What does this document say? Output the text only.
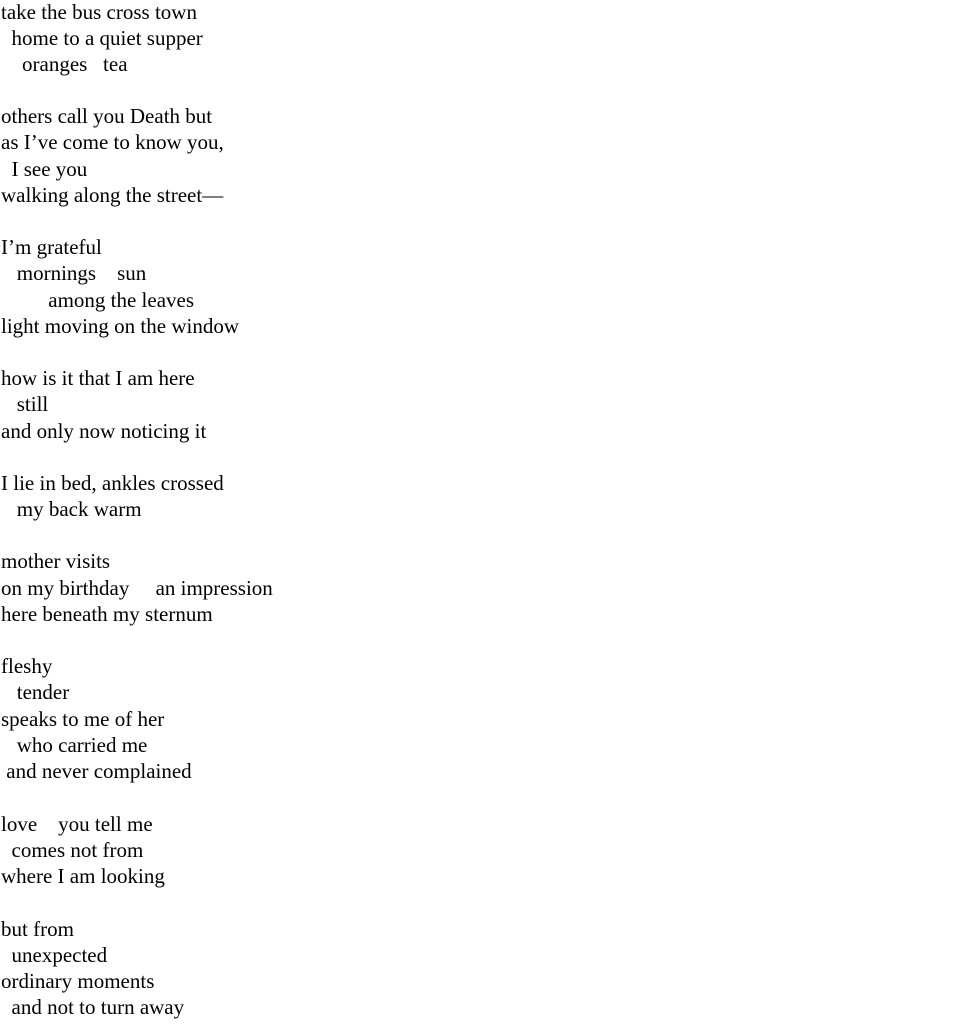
take the bus cross town
home to a quiet supper
oranges   tea
others call you Death but
as I’ve come to know you,
I see you
walking along the street—
I’m grateful
mornings    sun
among the leaves
light moving on the window
how is it that I am here
still
and only now noticing it
I lie in bed, ankles crossed
my back warm
mother visits
on my birthday     an impression
here beneath my sternum
fleshy
tender
speaks to me of her
who carried me
and never complained
love    you tell me
comes not from
where I am looking
but from
unexpected
ordinary moments
and not to turn away
